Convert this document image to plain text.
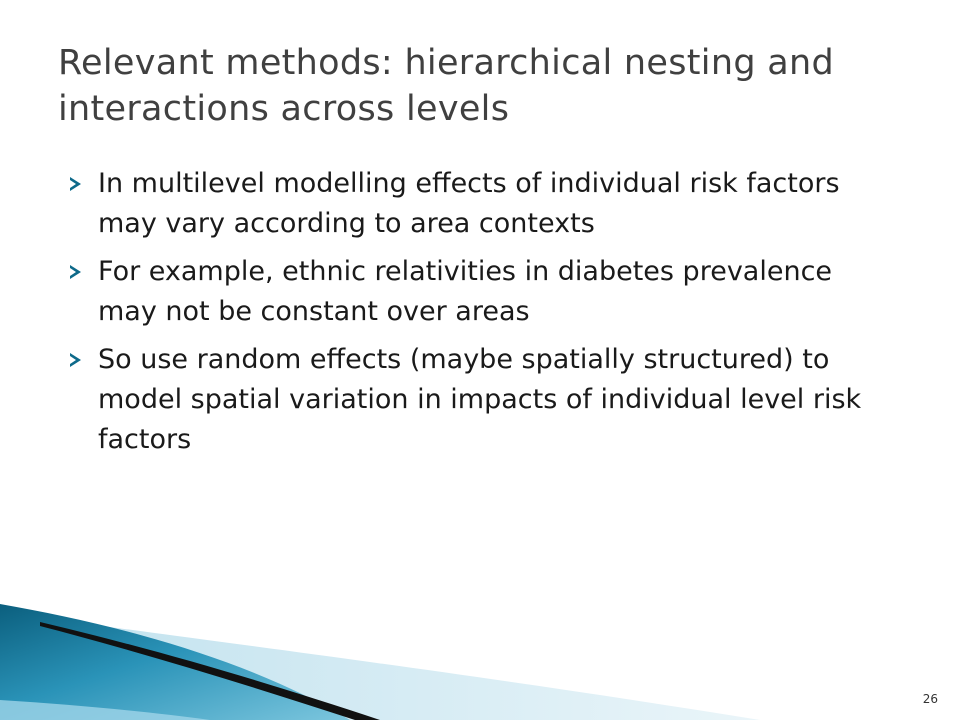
Relevant methods: hierarchical nesting and interactions across levels
In multilevel modelling effects of individual risk factors may vary according to area contexts
For example, ethnic relativities in diabetes prevalence may not be constant over areas
So use random effects (maybe spatially structured) to model spatial variation in impacts of individual level risk factors
26
